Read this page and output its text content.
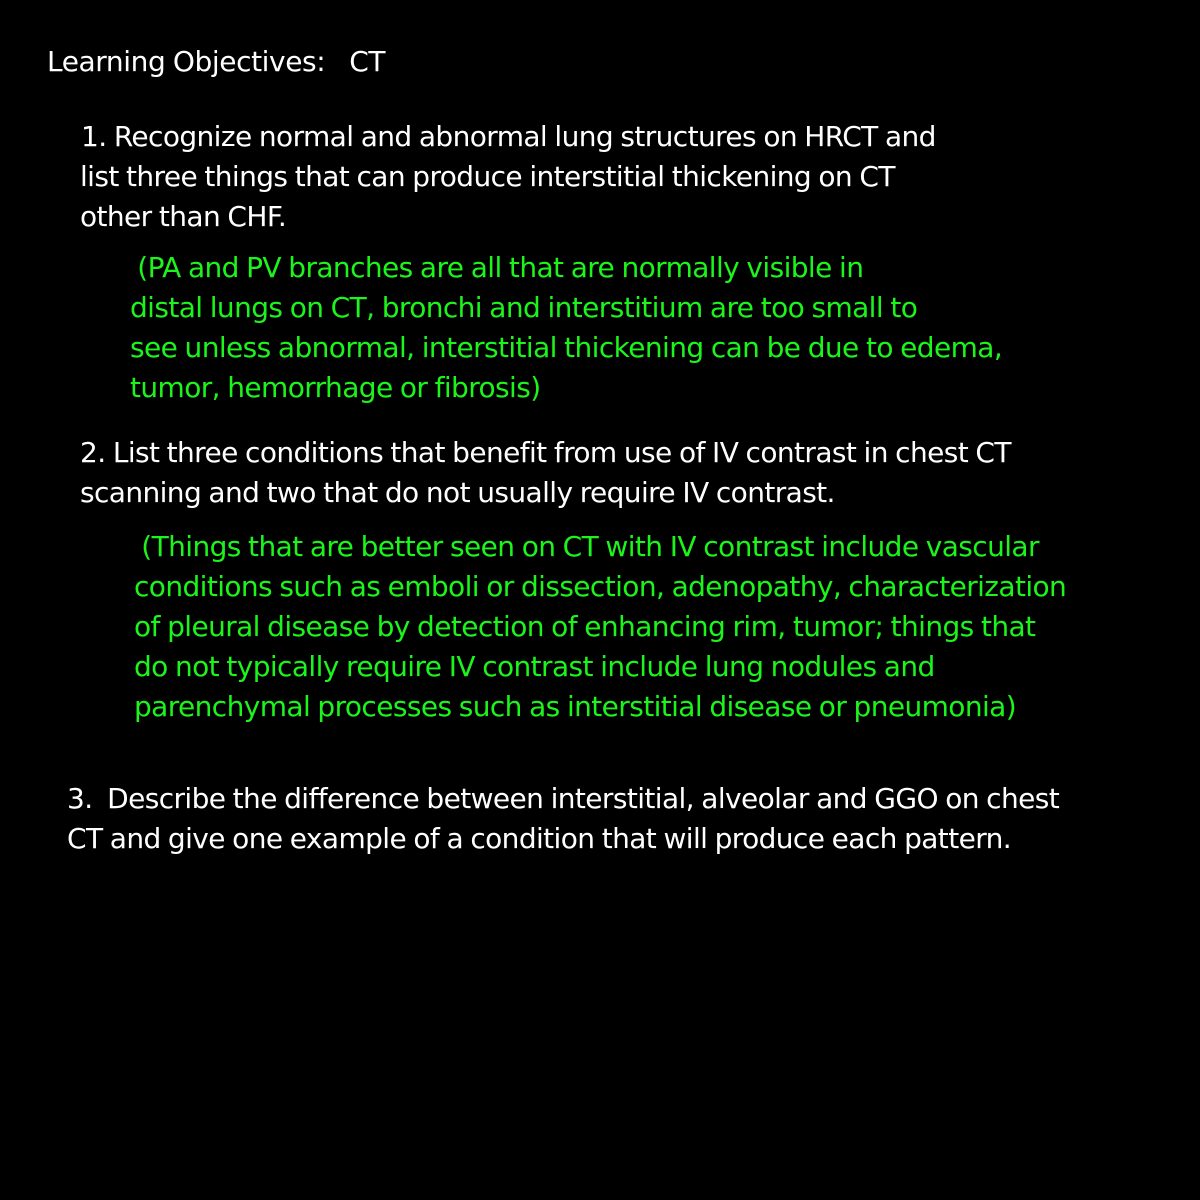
Learning Objectives: CT

1. Recognize normal and abnormal lung structures on HRCT and

list three things that can produce interstitial thickening on CT

other than CHF.

(PA and PV branches are all that are normally visible in

distal lungs on CT, bronchi and interstitium are too small to

see unless abnormal, interstitial thickening can be due to edema,

tumor, hemorrhage or fibrosis)

2. List three conditions that benefit from use of IV contrast in chest CT

scanning and two that do not usually require IV contrast.

(Things that are better seen on CT with IV contrast include vascular

conditions such as emboli or dissection, adenopathy, characterization

of pleural disease by detection of enhancing rim, tumor; things that

do not typically require IV contrast include lung nodules and

parenchymal processes such as interstitial disease or pneumonia)

3.  Describe the difference between interstitial, alveolar and GGO on chest

CT and give one example of a condition that will produce each pattern.
